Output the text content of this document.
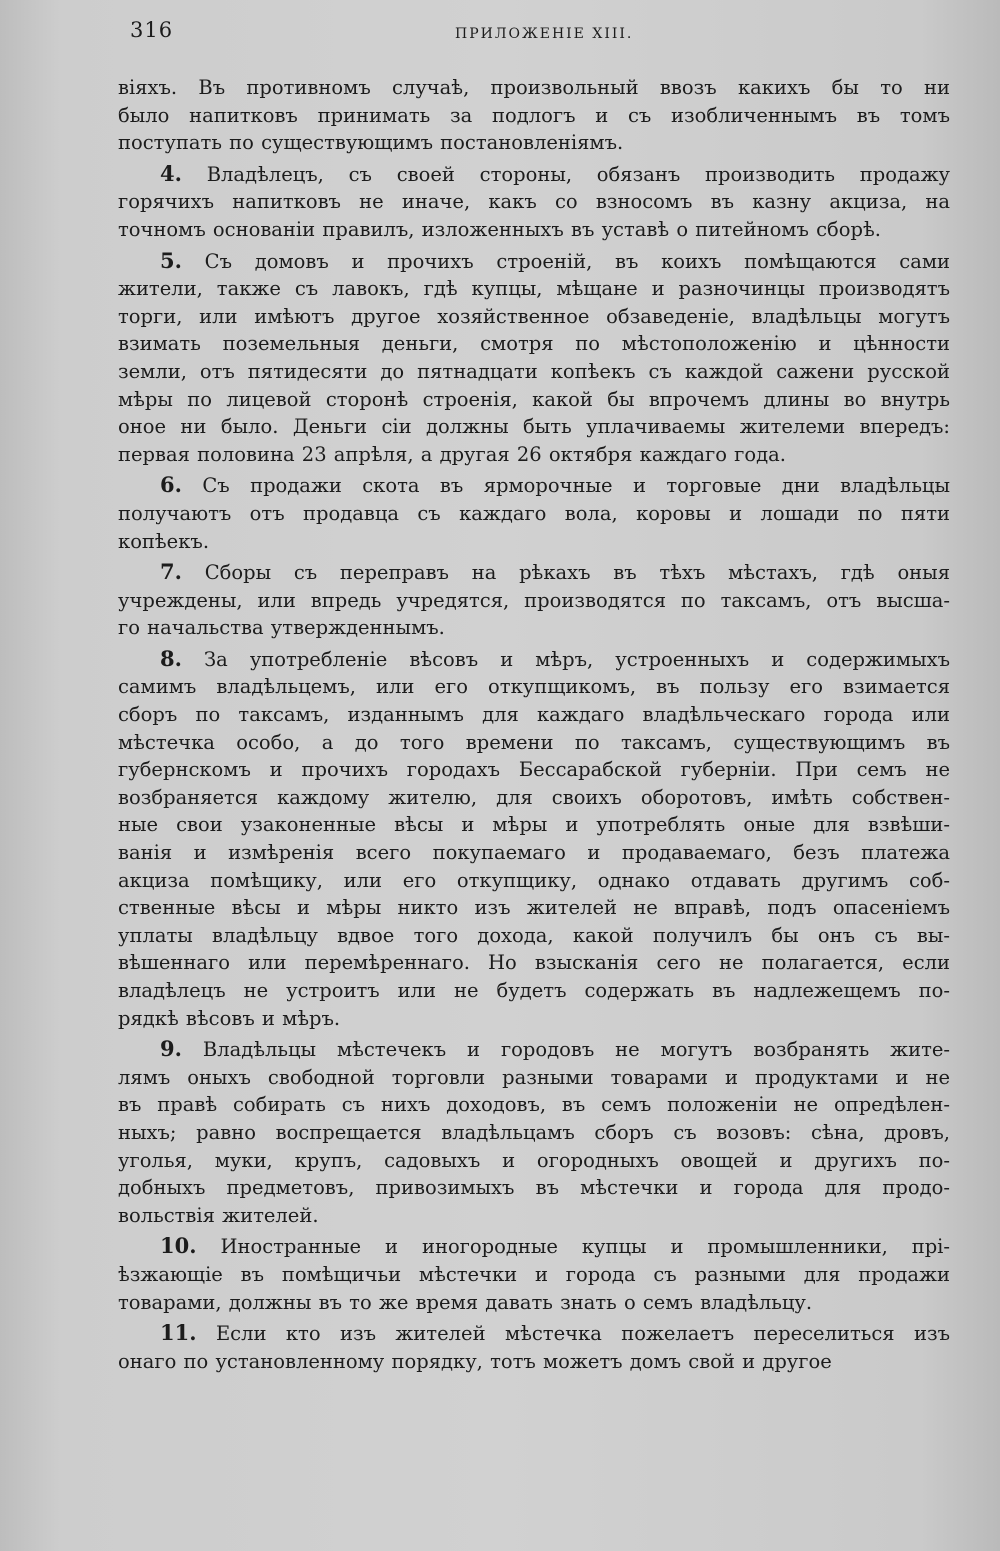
316	ПРИЛОЖЕНІЕ XIII.

віяхъ. Въ противномъ случаѣ, произвольный ввозъ какихъ бы то ни
было напитковъ принимать за подлогъ и съ изобличеннымъ въ томъ
поступать по существующимъ постановленіямъ.

4. Владѣлецъ, съ своей стороны, обязанъ производить продажу
горячихъ напитковъ не иначе, какъ со взносомъ въ казну акциза, на
точномъ основаніи правилъ, изложенныхъ въ уставѣ о питейномъ сборѣ.

5. Съ домовъ и прочихъ строеній, въ коихъ помѣщаются сами
жители, также съ лавокъ, гдѣ купцы, мѣщане и разночинцы производятъ
торги, или имѣютъ другое хозяйственное обзаведеніе, владѣльцы могутъ
взимать поземельныя деньги, смотря по мѣстоположенію и цѣнности
земли, отъ пятидесяти до пятнадцати копѣекъ съ каждой сажени русской
мѣры по лицевой сторонѣ строенія, какой бы впрочемъ длины во внутрь
оное ни было. Деньги сіи должны быть уплачиваемы жителеми впередъ:
первая половина 23 апрѣля, а другая 26 октября каждаго года.

6. Съ продажи скота въ ярморочные и торговые дни владѣльцы
получаютъ отъ продавца съ каждаго вола, коровы и лошади по пяти
копѣекъ.

7. Сборы съ переправъ на рѣкахъ въ тѣхъ мѣстахъ, гдѣ оныя
учреждены, или впредь учредятся, производятся по таксамъ, отъ высша-
го начальства утвержденнымъ.

8. За употребленіе вѣсовъ и мѣръ, устроенныхъ и содержимыхъ
самимъ владѣльцемъ, или его откупщикомъ, въ пользу его взимается
сборъ по таксамъ, изданнымъ для каждаго владѣльческаго города или
мѣстечка особо, а до того времени по таксамъ, существующимъ въ
губернскомъ и прочихъ городахъ Бессарабской губерніи. При семъ не
возбраняется каждому жителю, для своихъ оборотовъ, имѣть собствен-
ные свои узаконенные вѣсы и мѣры и употреблять оные для взвѣши-
ванія и измѣренія всего покупаемаго и продаваемаго, безъ платежа
акциза помѣщику, или его откупщику, однако отдавать другимъ соб-
ственные вѣсы и мѣры никто изъ жителей не вправѣ, подъ опасеніемъ
уплаты владѣльцу вдвое того дохода, какой получилъ бы онъ съ вы-
вѣшеннаго или перемѣреннаго. Но взысканія сего не полагается, если
владѣлецъ не устроитъ или не будетъ содержать въ надлежещемъ по-
рядкѣ вѣсовъ и мѣръ.

9. Владѣльцы мѣстечекъ и городовъ не могутъ возбранять жите-
лямъ оныхъ свободной торговли разными товарами и продуктами и не
въ правѣ собирать съ нихъ доходовъ, въ семъ положеніи не опредѣлен-
ныхъ; равно воспрещается владѣльцамъ сборъ съ возовъ: сѣна, дровъ,
уголья, муки, крупъ, садовыхъ и огородныхъ овощей и другихъ по-
добныхъ предметовъ, привозимыхъ въ мѣстечки и города для продо-
вольствія жителей.

10. Иностранные и иногородные купцы и промышленники, прі-
ѣзжающіе въ помѣщичьи мѣстечки и города съ разными для продажи
товарами, должны въ то же время давать знать о семъ владѣльцу.

11. Если кто изъ жителей мѣстечка пожелаетъ переселиться изъ
онаго по установленному порядку, тотъ можетъ домъ свой и другое
